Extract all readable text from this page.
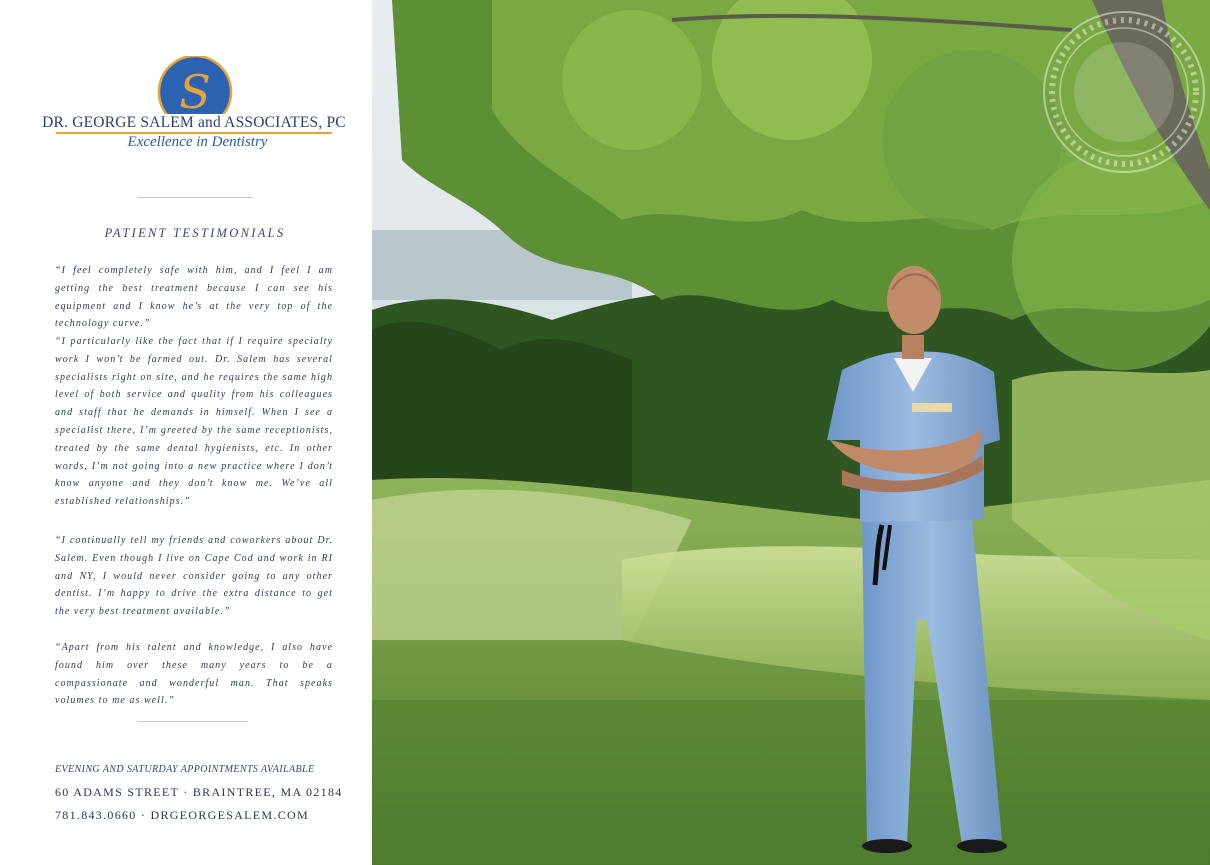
S
DR. GEORGE SALEM and ASSOCIATES, PC
Excellence in Dentistry
PATIENT TESTIMONIALS

“I feel completely safe with him, and I feel I am getting the best treatment because I can see his equipment and I know he’s at the very top of the technology curve.”

“I particularly like the fact that if I require specialty work I won’t be farmed out. Dr. Salem has several specialists right on site, and he requires the same high level of both service and quality from his colleagues and staff that he demands in himself. When I see a specialist there, I’m greeted by the same receptionists, treated by the same dental hygienists, etc. In other words, I’m not going into a new practice where I don’t know anyone and they don’t know me. We’ve all established relationships.”

“I continually tell my friends and coworkers about Dr. Salem. Even though I live on Cape Cod and work in RI and NY, I would never consider going to any other dentist. I’m happy to drive the extra distance to get the very best treatment available.”

“Apart from his talent and knowledge, I also have found him over these many years to be a compassionate and wonderful man. That speaks volumes to me as well.”

EVENING AND SATURDAY APPOINTMENTS AVAILABLE
60 ADAMS STREET · BRAINTREE, MA 02184
781.843.0660 · DRGEORGESALEM.COM
